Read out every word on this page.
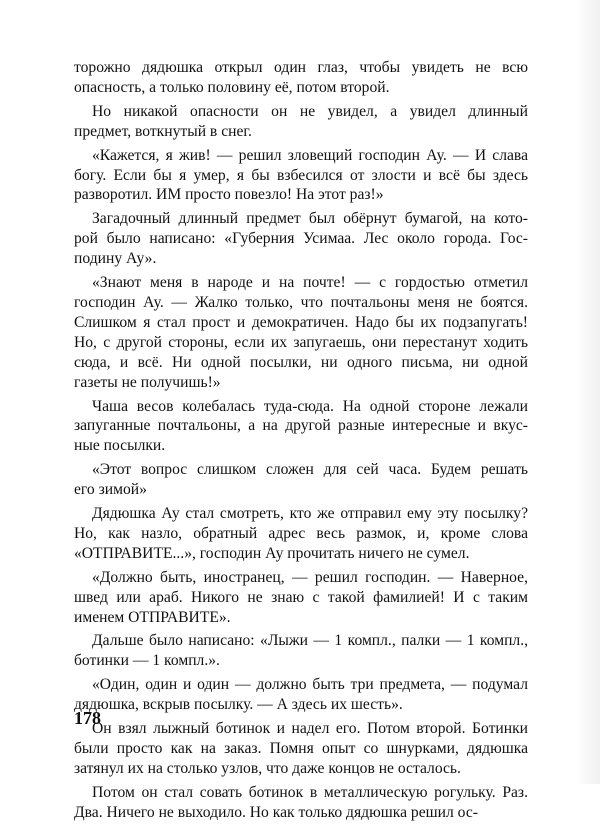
торожно дядюшка открыл один глаз, чтобы увидеть не всю
опасность, а только половину её, потом второй.
Но никакой опасности он не увидел, а увидел длинный
предмет, воткнутый в снег.
«Кажется, я жив! — решил зловещий господин Ау. — И слава
богу. Если бы я умер, я бы взбесился от злости и всё бы здесь
разворотил. ИМ просто повезло! На этот раз!»
Загадочный длинный предмет был обёрнут бумагой, на кото-
рой было написано: «Губерния Усимаа. Лес около города. Гос-
подину Ау».
«Знают меня в народе и на почте! — с гордостью отметил
господин Ау. — Жалко только, что почтальоны меня не боятся.
Слишком я стал прост и демократичен. Надо бы их подзапугать!
Но, с другой стороны, если их запугаешь, они перестанут ходить
сюда, и всё. Ни одной посылки, ни одного письма, ни одной
газеты не получишь!»
Чаша весов колебалась туда-сюда. На одной стороне лежали
запуганные почтальоны, а на другой разные интересные и вкус-
ные посылки.
«Этот вопрос слишком сложен для сей часа. Будем решать
его зимой»
Дядюшка Ау стал смотреть, кто же отправил ему эту посылку?
Но, как назло, обратный адрес весь размок, и, кроме слова
«ОТПРАВИТЕ...», господин Ау прочитать ничего не сумел.
«Должно быть, иностранец, — решил господин. — Наверное,
швед или араб. Никого не знаю с такой фамилией! И с таким
именем ОТПРАВИТЕ».
Дальше было написано: «Лыжи — 1 компл., палки — 1 компл.,
ботинки — 1 компл.».
«Один, один и один — должно быть три предмета, — подумал
дядюшка, вскрыв посылку. — А здесь их шесть».
Он взял лыжный ботинок и надел его. Потом второй. Ботинки
были просто как на заказ. Помня опыт со шнурками, дядюшка
затянул их на столько узлов, что даже концов не осталось.
Потом он стал совать ботинок в металлическую рогульку. Раз.
Два. Ничего не выходило. Но как только дядюшка решил ос-
178
